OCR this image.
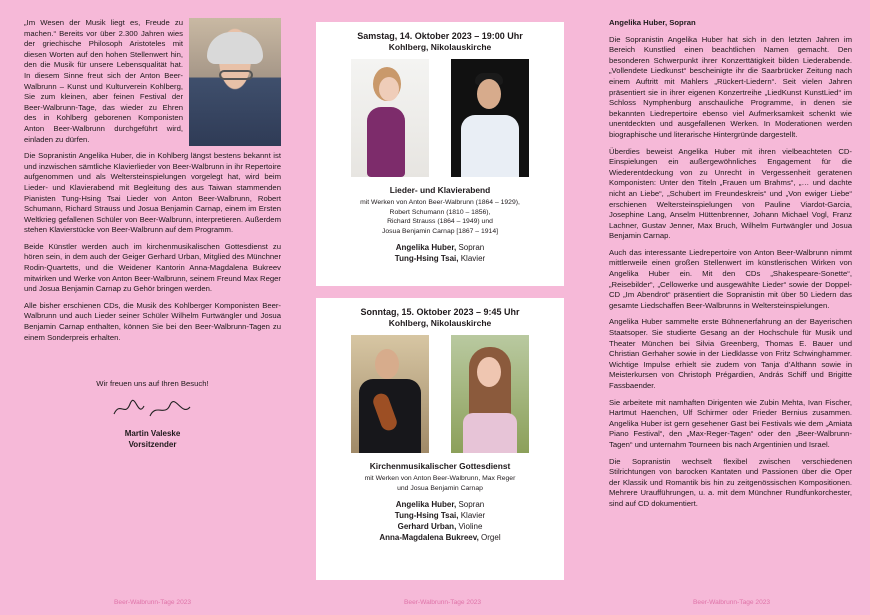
„Im Wesen der Musik liegt es, Freude zu machen.“ Bereits vor über 2.300 Jahren wies der griechische Philosoph Aristoteles mit diesen Worten auf den hohen Stellenwert hin, den die Musik für unsere Lebensqualität hat. In diesem Sinne freut sich der Anton Beer-Walbrunn – Kunst und Kulturverein Kohlberg, Sie zum kleinen, aber feinen Festival der Beer-Walbrunn-Tage, das wieder zu Ehren des in Kohlberg geborenen Komponisten Anton Beer-Walbrunn durchgeführt wird, einladen zu dürfen.

Die Sopranistin Angelika Huber, die in Kohlberg längst bestens bekannt ist und inzwischen sämtliche Klavierlieder von Beer-Walbrunn in ihr Repertoire aufgenommen und als Weltersteinspielungen vorgelegt hat, wird beim Lieder- und Klavierabend mit Begleitung des aus Taiwan stammenden Pianisten Tung-Hsing Tsai Lieder von Anton Beer-Walbrunn, Robert Schumann, Richard Strauss und Josua Benjamin Carnap, einem im Ersten Weltkrieg gefallenen Schüler von Beer-Walbrunn, interpretieren. Außerdem stehen Klavierstücke von Beer-Walbrunn auf dem Programm.

Beide Künstler werden auch im kirchenmusikalischen Gottesdienst zu hören sein, in dem auch der Geiger Gerhard Urban, Mitglied des Münchner Rodin-Quartetts, und die Weidener Kantorin Anna-Magdalena Bukreev mitwirken und Werke von Anton Beer-Walbrunn, seinem Freund Max Reger und Josua Benjamin Carnap zu Gehör bringen werden.

Alle bisher erschienen CDs, die Musik des Kohlberger Komponisten Beer-Walbrunn und auch Lieder seiner Schüler Wilhelm Furtwängler und Josua Benjamin Carnap enthalten, können Sie bei den Beer-Walbrunn-Tagen zu einem Sonderpreis erhalten.

Wir freuen uns auf Ihren Besuch!
Martin Valeske
Vorsitzender
Samstag, 14. Oktober 2023 – 19:00 Uhr
Kohlberg, Nikolauskirche
Lieder- und Klavierabend
mit Werken von Anton Beer-Walbrunn (1864 – 1929),
Robert Schumann (1810 – 1856),
Richard Strauss (1864 – 1949) und
Josua Benjamin Carnap [1867 – 1914]
Angelika Huber, Sopran
Tung-Hsing Tsai, Klavier
Sonntag, 15. Oktober 2023 – 9:45 Uhr
Kohlberg, Nikolauskirche
Kirchenmusikalischer Gottesdienst
mit Werken von Anton Beer-Walbrunn, Max Reger
und Josua Benjamin Carnap
Angelika Huber, Sopran
Tung-Hsing Tsai, Klavier
Gerhard Urban, Violine
Anna-Magdalena Bukreev, Orgel

Angelika Huber, Sopran

Die Sopranistin Angelika Huber hat sich in den letzten Jahren im Bereich Kunstlied einen beachtlichen Namen gemacht. Den besonderen Schwerpunkt ihrer Konzerttätigkeit bilden Liederabende. „Vollendete Liedkunst“ bescheinigte ihr die Saarbrücker Zeitung nach einem Auftritt mit Mahlers „Rückert-Liedern“. Seit vielen Jahren präsentiert sie in ihrer eigenen Konzertreihe „LiedKunst KunstLied“ im Schloss Nymphenburg anschauliche Programme, in denen sie bekannten Liedrepertoire ebenso viel Aufmerksamkeit schenkt wie unentdeckten und ausgefallenen Werken. In Moderationen werden biographische und literarische Hintergründe dargestellt.

Überdies beweist Angelika Huber mit ihren vielbeachteten CD-Einspielungen ein außergewöhnliches Engagement für die Wiederentdeckung von zu Unrecht in Vergessenheit geratenen Komponisten: Unter den Titeln „Frauen um Brahms“, „… und dachte nicht an Liebe“, „Schubert im Freundeskreis“ und „Von ewiger Liebe“ erschienen Weltersteinspielungen von Pauline Viardot-Garcia, Josephine Lang, Anselm Hüttenbrenner, Johann Michael Vogl, Franz Lachner, Gustav Jenner, Max Bruch, Wilhelm Furtwängler und Josua Benjamin Carnap.

Auch das interessante Liedrepertoire von Anton Beer-Walbrunn nimmt mittlerweile einen großen Stellenwert im künstlerischen Wirken von Angelika Huber ein. Mit den CDs „Shakespeare-Sonette“, „Reisebilder“, „Cellowerke und ausgewählte Lieder“ sowie der Doppel-CD „Im Abendrot“ präsentiert die Sopranistin mit über 50 Liedern das gesamte Liedschaffen Beer-Walbrunns in Weltersteinspielungen.

Angelika Huber sammelte erste Bühnenerfahrung an der Bayerischen Staatsoper. Sie studierte Gesang an der Hochschule für Musik und Theater München bei Silvia Greenberg, Thomas E. Bauer und Christian Gerhaher sowie in der Liedklasse von Fritz Schwinghammer. Wichtige Impulse erhielt sie zudem von Tanja d’Althann sowie in Meisterkursen von Christoph Prégardien, András Schiff und Brigitte Fassbaender.

Sie arbeitete mit namhaften Dirigenten wie Zubin Mehta, Ivan Fischer, Hartmut Haenchen, Ulf Schirmer oder Frieder Bernius zusammen. Angelika Huber ist gern gesehener Gast bei Festivals wie dem „Amiata Piano Festival“, den „Max-Reger-Tagen“ oder den „Beer-Walbrunn-Tagen“ und unternahm Tourneen bis nach Argentinien und Israel.

Die Sopranistin wechselt flexibel zwischen verschiedenen Stilrichtungen von barocken Kantaten und Passionen über die Oper der Klassik und Romantik bis hin zu zeitgenössischen Kompositionen. Mehrere Uraufführungen, u. a. mit dem Münchner Rundfunkorchester, sind auf CD dokumentiert.

Beer-Walbrunn-Tage 2023	Beer-Walbrunn-Tage 2023	Beer-Walbrunn-Tage 2023
